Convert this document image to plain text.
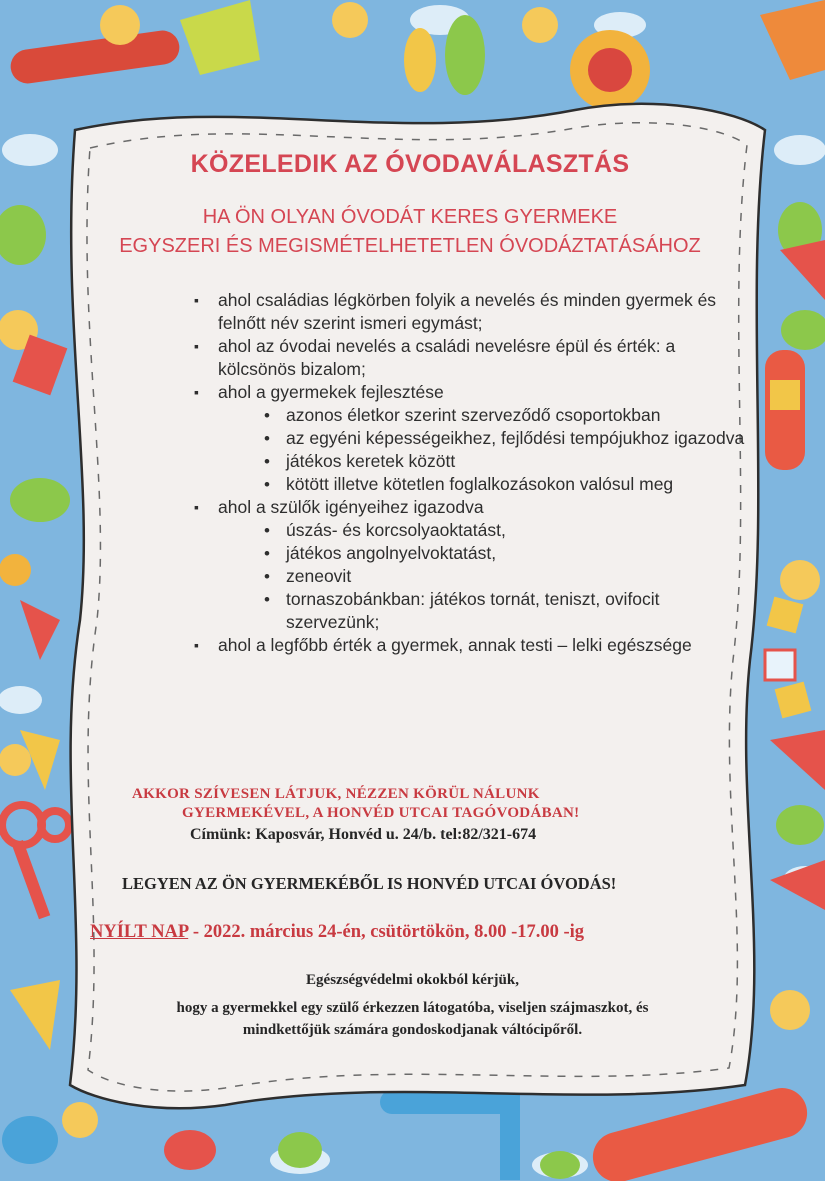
KÖZELEDIK AZ ÓVODAVÁLASZTÁS
HA ÖN OLYAN ÓVODÁT KERES GYERMEKE
EGYSZERI ÉS MEGISMÉTELHETETLEN ÓVODÁZTATÁSÁHOZ
▪ ahol családias légkörben folyik a nevelés és minden gyermek és felnőtt név szerint ismeri egymást;
▪ ahol az óvodai nevelés a családi nevelésre épül és érték: a kölcsönös bizalom;
▪ ahol a gyermekek fejlesztése
• azonos életkor szerint szerveződő csoportokban
• az egyéni képességeikhez, fejlődési tempójukhoz igazodva
• játékos keretek között
• kötött illetve kötetlen foglalkozásokon valósul meg
▪ ahol a szülők igényeihez igazodva
• úszás- és korcsolyaoktatást,
• játékos angolnyelvoktatást,
• zeneovit
• tornaszobánkban: játékos tornát, teniszt, ovifocit szervezünk;
▪ ahol a legfőbb érték a gyermek, annak testi – lelki egészsége
AKKOR SZÍVESEN LÁTJUK, NÉZZEN KÖRÜL NÁLUNK
GYERMEKÉVEL, A HONVÉD UTCAI TAGÓVODÁBAN!
Címünk: Kaposvár, Honvéd u. 24/b. tel:82/321-674
LEGYEN AZ ÖN GYERMEKÉBŐL IS HONVÉD UTCAI ÓVODÁS!
NYÍLT NAP - 2022. március 24-én, csütörtökön, 8.00 -17.00 -ig
Egészségvédelmi okokból kérjük,
hogy a gyermekkel egy szülő érkezzen látogatóba, viseljen szájmaszkot, és
mindkettőjük számára gondoskodjanak váltócipőről.
